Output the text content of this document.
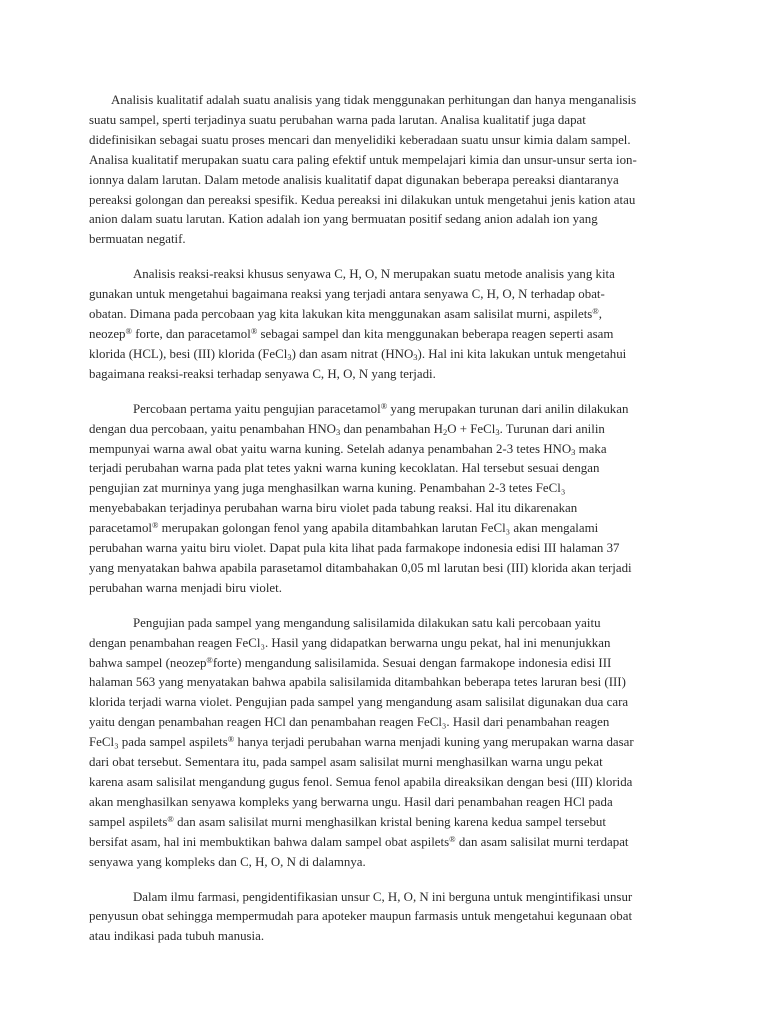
Analisis kualitatif adalah suatu analisis yang tidak menggunakan perhitungan dan hanya menganalisis
suatu sampel, sperti terjadinya suatu perubahan warna pada larutan. Analisa kualitatif juga dapat
didefinisikan sebagai suatu proses mencari dan menyelidiki keberadaan suatu unsur kimia dalam sampel.
Analisa kualitatif merupakan suatu cara paling efektif untuk mempelajari kimia dan unsur-unsur serta ion-
ionnya dalam larutan. Dalam metode analisis kualitatif dapat digunakan beberapa pereaksi diantaranya
pereaksi golongan dan pereaksi spesifik. Kedua pereaksi ini dilakukan untuk mengetahui jenis kation atau
anion dalam suatu larutan. Kation adalah ion yang bermuatan positif sedang anion adalah ion yang
bermuatan negatif.

Analisis reaksi-reaksi khusus senyawa C, H, O, N merupakan suatu metode analisis yang kita
gunakan untuk mengetahui bagaimana reaksi yang terjadi antara senyawa C, H, O, N terhadap obat-
obatan. Dimana pada percobaan yag kita lakukan kita menggunakan asam salisilat murni, aspilets®,
neozep® forte, dan paracetamol® sebagai sampel dan kita menggunakan beberapa reagen seperti asam
klorida (HCL), besi (III) klorida (FeCl$_3$) dan asam nitrat $(HNO_3)$. Hal ini kita lakukan untuk mengetahui
bagaimana reaksi-reaksi terhadap senyawa C, H, O, N yang terjadi.

Percobaan pertama yaitu pengujian paracetamol® yang merupakan turunan dari anilin dilakukan
dengan dua percobaan, yaitu penambahan $HNO_3$ dan penambahan $H_2O$ + FeCl$_3$. Turunan dari anilin
mempunyai warna awal obat yaitu warna kuning. Setelah adanya penambahan 2-3 tetes $HNO_3$ maka
terjadi perubahan warna pada plat tetes yakni warna kuning kecoklatan. Hal tersebut sesuai dengan
pengujian zat murninya yang juga menghasilkan warna kuning. Penambahan 2-3 tetes FeCl₃
menyebabakan terjadinya perubahan warna biru violet pada tabung reaksi. Hal itu dikarenakan
paracetamol® merupakan golongan fenol yang apabila ditambahkan larutan FeCl₃ akan mengalami
perubahan warna yaitu biru violet. Dapat pula kita lihat pada farmakope indonesia edisi III halaman 37
yang menyatakan bahwa apabila parasetamol ditambahakan 0,05 ml larutan besi (III) klorida akan terjadi
perubahan warna menjadi biru violet.

Pengujian pada sampel yang mengandung salisilamida dilakukan satu kali percobaan yaitu
dengan penambahan reagen FeCl₃. Hasil yang didapatkan berwarna ungu pekat, hal ini menunjukkan
bahwa sampel (neozep®forte) mengandung salisilamida. Sesuai dengan farmakope indonesia edisi III
halaman 563 yang menyatakan bahwa apabila salisilamida ditambahkan beberapa tetes laruran besi (III)
klorida terjadi warna violet. Pengujian pada sampel yang mengandung asam salisilat digunakan dua cara
yaitu dengan penambahan reagen HCl dan penambahan reagen FeCl₃. Hasil dari penambahan reagen
FeCl₃ pada sampel aspilets® hanya terjadi perubahan warna menjadi kuning yang merupakan warna dasar
dari obat tersebut. Sementara itu, pada sampel asam salisilat murni menghasilkan warna ungu pekat
karena asam salisilat mengandung gugus fenol. Semua fenol apabila direaksikan dengan besi (III) klorida
akan menghasilkan senyawa kompleks yang berwarna ungu. Hasil dari penambahan reagen HCl pada
sampel aspilets® dan asam salisilat murni menghasilkan kristal bening karena kedua sampel tersebut
bersifat asam, hal ini membuktikan bahwa dalam sampel obat aspilets® dan asam salisilat murni terdapat
senyawa yang kompleks dan C, H, O, N di dalamnya.

Dalam ilmu farmasi, pengidentifikasian unsur C, H, O, N ini berguna untuk mengintifikasi unsur
penyusun obat sehingga mempermudah para apoteker maupun farmasis untuk mengetahui kegunaan obat
atau indikasi pada tubuh manusia.
